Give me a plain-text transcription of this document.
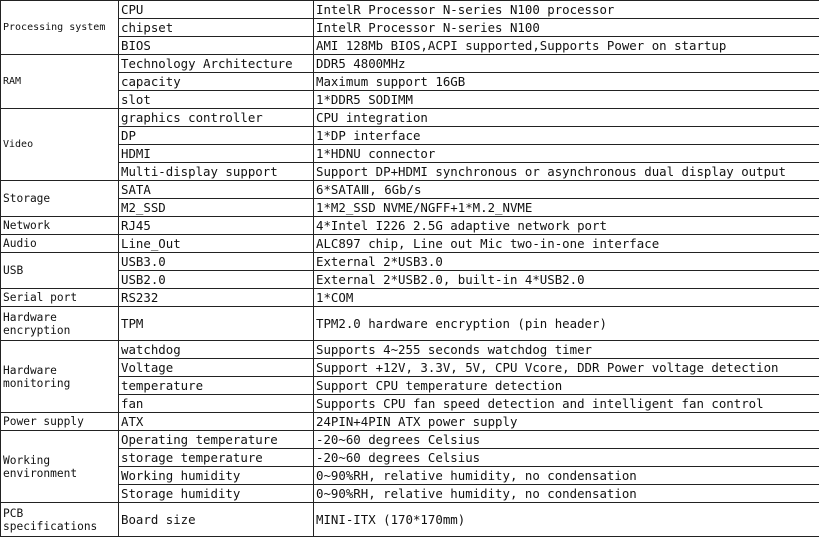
Processing system	CPU	IntelR Processor N-series N100 processor
	chipset	IntelR Processor N-series N100
	BIOS	AMI 128Mb BIOS,ACPI supported,Supports Power on startup
RAM	Technology Architecture	DDR5 4800MHz
	capacity	Maximum support 16GB
	slot	1*DDR5 SODIMM
Video	graphics controller	CPU integration
	DP	1*DP interface
	HDMI	1*HDNU connector
	Multi-display support	Support DP+HDMI synchronous or asynchronous dual display output
Storage	SATA	6*SATAⅢ, 6Gb/s
	M2_SSD	1*M2_SSD NVME/NGFF+1*M.2_NVME
Network	RJ45	4*Intel I226 2.5G adaptive network port
Audio	Line_Out	ALC897 chip, Line out Mic two-in-one interface
USB	USB3.0	External 2*USB3.0
	USB2.0	External 2*USB2.0, built-in 4*USB2.0
Serial port	RS232	1*COM
Hardware encryption	TPM	TPM2.0 hardware encryption (pin header)
Hardware monitoring	watchdog	Supports 4~255 seconds watchdog timer
	Voltage	Support +12V, 3.3V, 5V, CPU Vcore, DDR Power voltage detection
	temperature	Support CPU temperature detection
	fan	Supports CPU fan speed detection and intelligent fan control
Power supply	ATX	24PIN+4PIN ATX power supply
Working environment	Operating temperature	-20~60 degrees Celsius
	storage temperature	-20~60 degrees Celsius
	Working humidity	0~90%RH, relative humidity, no condensation
	Storage humidity	0~90%RH, relative humidity, no condensation
PCB specifications	Board size	MINI-ITX (170*170mm)
